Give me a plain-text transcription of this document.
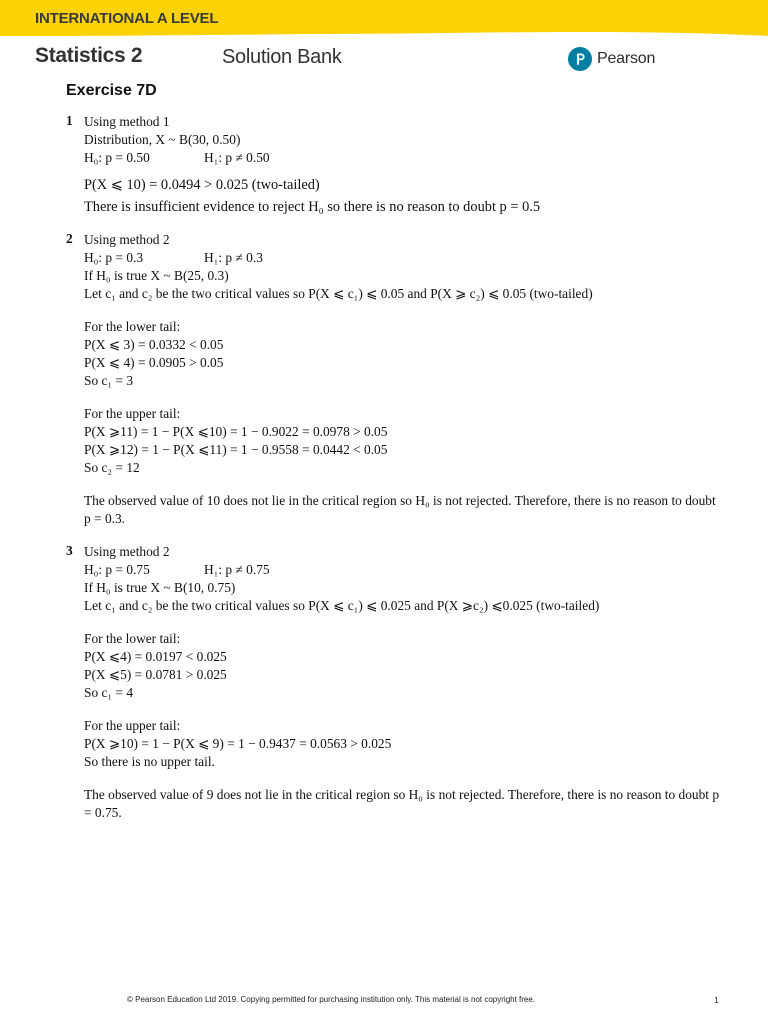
INTERNATIONAL A LEVEL
Statistics 2	Solution Bank	Pearson
Exercise 7D
1 Using method 1
Distribution, X ~ B(30, 0.50)
H₀: p = 0.50	H₁: p ≠ 0.50
P(X ⩽ 10) = 0.0494 > 0.025 (two-tailed)
There is insufficient evidence to reject H₀ so there is no reason to doubt p = 0.5
2 Using method 2
H₀: p = 0.3	H₁: p ≠ 0.3
If H₀ is true X ~ B(25, 0.3)
Let c₁ and c₂ be the two critical values so P(X ⩽ c₁) ⩽ 0.05 and P(X ⩾ c₂) ⩽ 0.05 (two-tailed)
For the lower tail:
P(X ⩽ 3) = 0.0332 < 0.05
P(X ⩽ 4) = 0.0905 > 0.05
So c₁ = 3
For the upper tail:
P(X ⩾11) = 1 − P(X ⩽10) = 1 − 0.9022 = 0.0978 > 0.05
P(X ⩾12) = 1 − P(X ⩽11) = 1 − 0.9558 = 0.0442 < 0.05
So c₂ = 12
The observed value of 10 does not lie in the critical region so H₀ is not rejected. Therefore, there is no reason to doubt p = 0.3.
3 Using method 2
H₀: p = 0.75	H₁: p ≠ 0.75
If H₀ is true X ~ B(10, 0.75)
Let c₁ and c₂ be the two critical values so P(X ⩽ c₁) ⩽ 0.025 and P(X ⩾c₂) ⩽0.025 (two-tailed)
For the lower tail:
P(X ⩽4) = 0.0197 < 0.025
P(X ⩽5) = 0.0781 > 0.025
So c₁ = 4
For the upper tail:
P(X ⩾10) = 1 − P(X ⩽ 9) = 1 − 0.9437 = 0.0563 > 0.025
So there is no upper tail.
The observed value of 9 does not lie in the critical region so H₀ is not rejected. Therefore, there is no reason to doubt p = 0.75.
© Pearson Education Ltd 2019. Copying permitted for purchasing institution only. This material is not copyright free.	1
